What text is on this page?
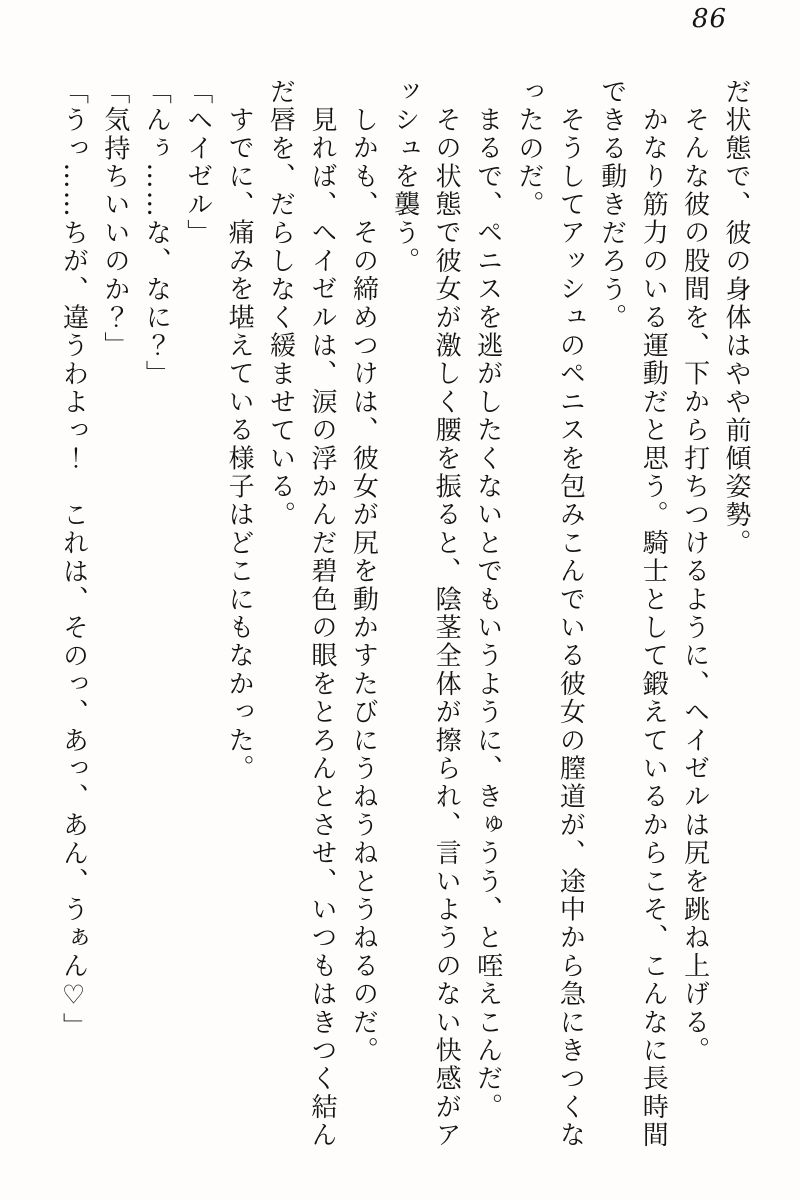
86

だ状態で、彼の身体はやや前傾姿勢。

そんな彼の股間を、下から打ちつけるように、ヘイゼルは尻を跳ね上げる。

かなり筋力のいる運動だと思う。騎士として鍛えているからこそ、こんなに長時間できる動きだろう。

そうしてアッシュのペニスを包みこんでいる彼女の膣道が、途中から急にきつくなったのだ。

まるで、ペニスを逃がしたくないとでもいうように、きゅうう、と咥えこんだ。

その状態で彼女が激しく腰を振ると、陰茎全体が擦られ、言いようのない快感がアッシュを襲う。

しかも、その締めつけは、彼女が尻を動かすたびにうねうねとうねるのだ。

見れば、ヘイゼルは、涙の浮かんだ碧色の眼をとろんとさせ、いつもはきつく結んだ唇を、だらしなく緩ませている。

すでに、痛みを堪えている様子はどこにもなかった。

「ヘイゼル」

「んぅ……な、なに？」

「気持ちいいのか？」

「うっ……ちが、違うわよっ！　これは、そのっ、あっ、あん、うぁん♡」
